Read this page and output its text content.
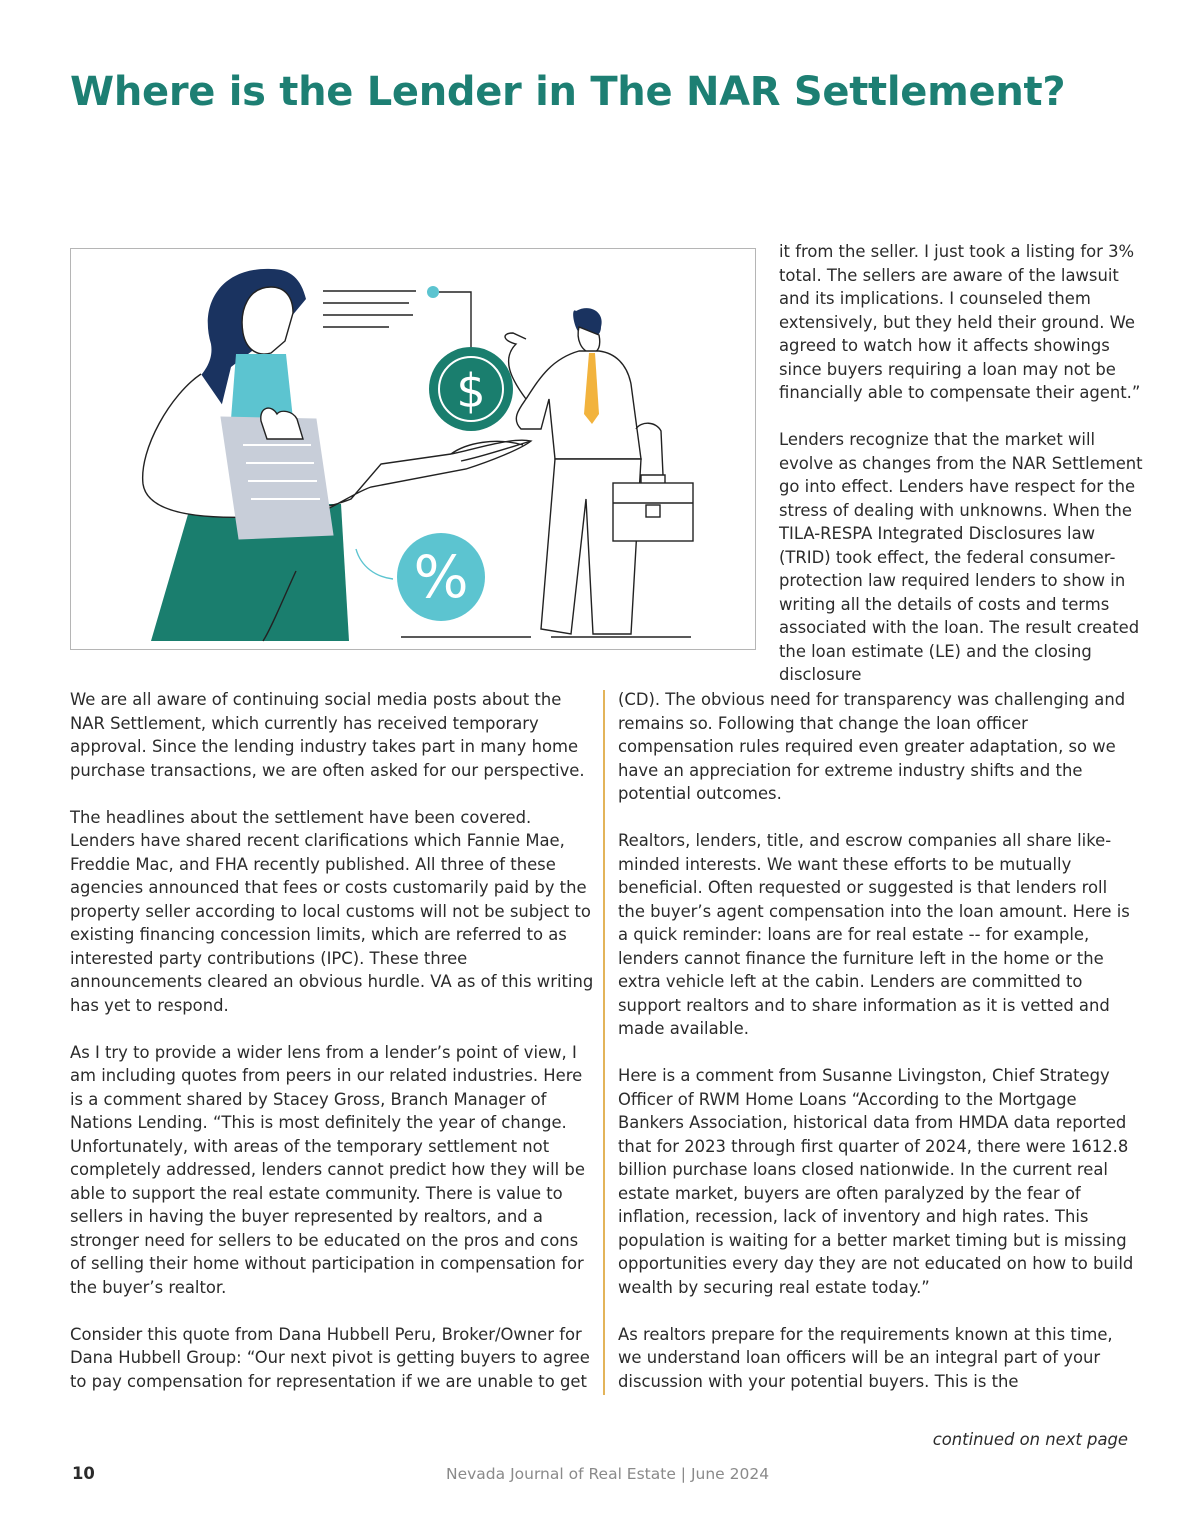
Where is the Lender in The NAR Settlement?
$
%

it from the seller. I just took a listing for 3% total. The sellers are aware of the lawsuit and its implications. I counseled them extensively, but they held their ground. We agreed to watch how it affects showings since buyers requiring a loan may not be financially able to compensate their agent.”

Lenders recognize that the market will evolve as changes from the NAR Settlement go into effect. Lenders have respect for the stress of dealing with unknowns. When the TILA-RESPA Integrated Disclosures law (TRID) took effect, the federal consumer-protection law required lenders to show in writing all the details of costs and terms associated with the loan. The result created the loan estimate (LE) and the closing disclosure

We are all aware of continuing social media posts about the NAR Settlement, which currently has received temporary approval. Since the lending industry takes part in many home purchase transactions, we are often asked for our perspective.

The headlines about the settlement have been covered. Lenders have shared recent clarifications which Fannie Mae, Freddie Mac, and FHA recently published. All three of these agencies announced that fees or costs customarily paid by the property seller according to local customs will not be subject to existing financing concession limits, which are referred to as interested party contributions (IPC). These three announcements cleared an obvious hurdle. VA as of this writing has yet to respond.

As I try to provide a wider lens from a lender’s point of view, I am including quotes from peers in our related industries. Here is a comment shared by Stacey Gross, Branch Manager of Nations Lending. “This is most definitely the year of change. Unfortunately, with areas of the temporary settlement not completely addressed, lenders cannot predict how they will be able to support the real estate community. There is value to sellers in having the buyer represented by realtors, and a stronger need for sellers to be educated on the pros and cons of selling their home without participation in compensation for the buyer’s realtor.

Consider this quote from Dana Hubbell Peru, Broker/Owner for Dana Hubbell Group: “Our next pivot is getting buyers to agree to pay compensation for representation if we are unable to get

(CD). The obvious need for transparency was challenging and remains so. Following that change the loan officer compensation rules required even greater adaptation, so we have an appreciation for extreme industry shifts and the potential outcomes.

Realtors, lenders, title, and escrow companies all share like-minded interests. We want these efforts to be mutually beneficial. Often requested or suggested is that lenders roll the buyer’s agent compensation into the loan amount. Here is a quick reminder: loans are for real estate -- for example, lenders cannot finance the furniture left in the home or the extra vehicle left at the cabin. Lenders are committed to support realtors and to share information as it is vetted and made available.

Here is a comment from Susanne Livingston, Chief Strategy Officer of RWM Home Loans “According to the Mortgage Bankers Association, historical data from HMDA data reported that for 2023 through first quarter of 2024, there were 1612.8 billion purchase loans closed nationwide. In the current real estate market, buyers are often paralyzed by the fear of inflation, recession, lack of inventory and high rates. This population is waiting for a better market timing but is missing opportunities every day they are not educated on how to build wealth by securing real estate today.”

As realtors prepare for the requirements known at this time, we understand loan officers will be an integral part of your discussion with your potential buyers. This is the

continued on next page
10	Nevada Journal of Real Estate | June 2024
